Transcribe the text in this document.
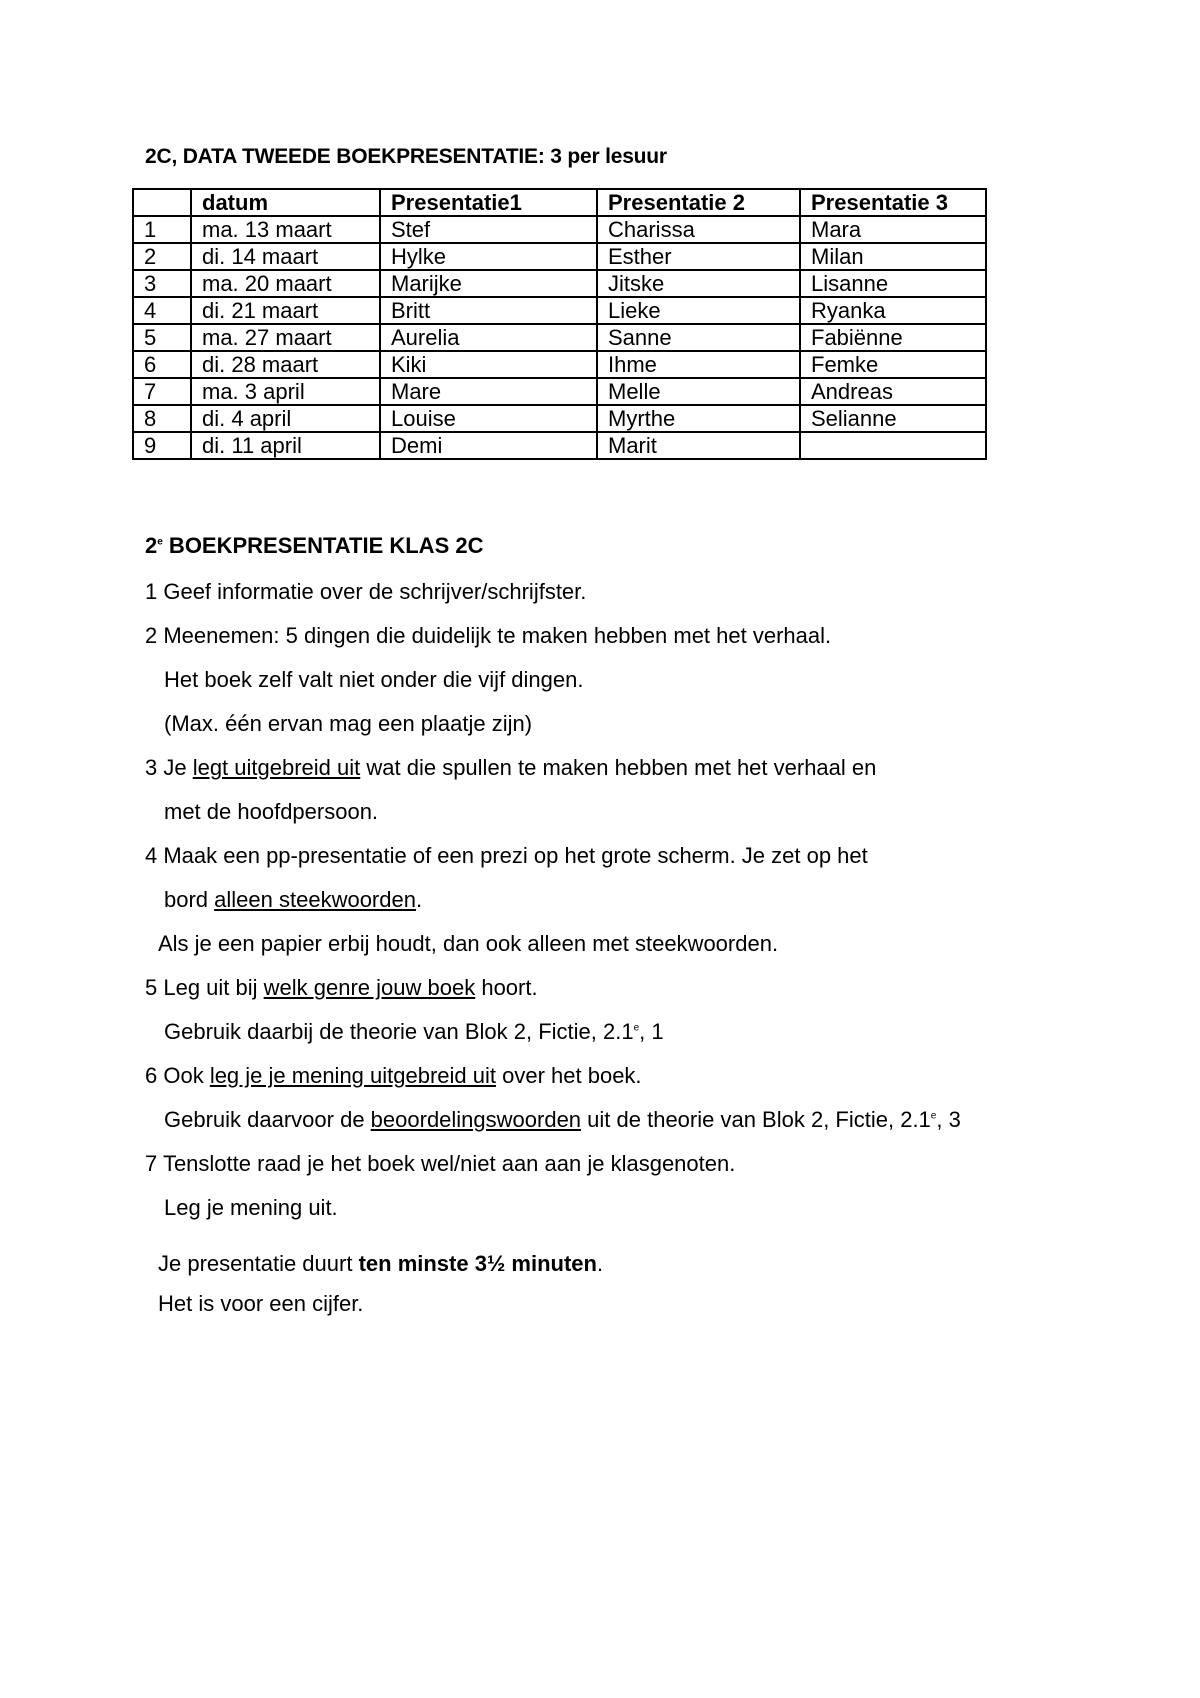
2C, DATA TWEEDE BOEKPRESENTATIE: 3 per lesuur
	datum	Presentatie1	Presentatie 2	Presentatie 3
1	ma. 13 maart	Stef	Charissa	Mara
2	di. 14 maart	Hylke	Esther	Milan
3	ma. 20 maart	Marijke	Jitske	Lisanne
4	di. 21 maart	Britt	Lieke	Ryanka
5	ma. 27 maart	Aurelia	Sanne	Fabiënne
6	di. 28 maart	Kiki	Ihme	Femke
7	ma. 3 april	Mare	Melle	Andreas
8	di. 4 april	Louise	Myrthe	Selianne
9	di. 11 april	Demi	Marit	
2e BOEKPRESENTATIE KLAS 2C
1 Geef informatie over de schrijver/schrijfster.
2 Meenemen: 5 dingen die duidelijk te maken hebben met het verhaal.
Het boek zelf valt niet onder die vijf dingen.
(Max. één ervan mag een plaatje zijn)
3 Je legt uitgebreid uit wat die spullen te maken hebben met het verhaal en
met de hoofdpersoon.
4 Maak een pp-presentatie of een prezi op het grote scherm. Je zet op het
bord alleen steekwoorden.
Als je een papier erbij houdt, dan ook alleen met steekwoorden.
5 Leg uit bij welk genre jouw boek hoort.
Gebruik daarbij de theorie van Blok 2, Fictie, 2.1e, 1
6 Ook leg je je mening uitgebreid uit over het boek.
Gebruik daarvoor de beoordelingswoorden uit de theorie van Blok 2, Fictie, 2.1e, 3
7 Tenslotte raad je het boek wel/niet aan aan je klasgenoten.
Leg je mening uit.
Je presentatie duurt ten minste 3½ minuten.
Het is voor een cijfer.
